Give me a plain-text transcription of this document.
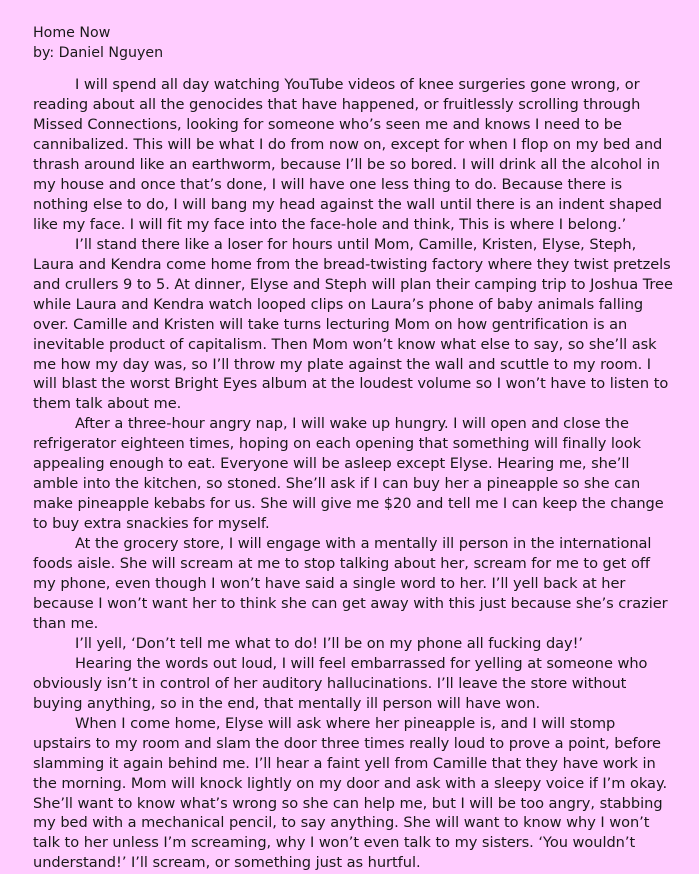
Home Now

by: Daniel Nguyen

I will spend all day watching YouTube videos of knee surgeries gone wrong, or reading about all the genocides that have happened, or fruitlessly scrolling through Missed Connections, looking for someone who’s seen me and knows I need to be cannibalized. This will be what I do from now on, except for when I flop on my bed and thrash around like an earthworm, because I’ll be so bored. I will drink all the alcohol in my house and once that’s done, I will have one less thing to do. Because there is nothing else to do, I will bang my head against the wall until there is an indent shaped like my face. I will fit my face into the face-hole and think, This is where I belong.’

I’ll stand there like a loser for hours until Mom, Camille, Kristen, Elyse, Steph, Laura and Kendra come home from the bread-twisting factory where they twist pretzels and crullers 9 to 5. At dinner, Elyse and Steph will plan their camping trip to Joshua Tree while Laura and Kendra watch looped clips on Laura’s phone of baby animals falling over. Camille and Kristen will take turns lecturing Mom on how gentrification is an inevitable product of capitalism. Then Mom won’t know what else to say, so she’ll ask me how my day was, so I’ll throw my plate against the wall and scuttle to my room. I will blast the worst Bright Eyes album at the loudest volume so I won’t have to listen to them talk about me.

After a three-hour angry nap, I will wake up hungry. I will open and close the refrigerator eighteen times, hoping on each opening that something will finally look appealing enough to eat. Everyone will be asleep except Elyse. Hearing me, she’ll amble into the kitchen, so stoned. She’ll ask if I can buy her a pineapple so she can make pineapple kebabs for us. She will give me $20 and tell me I can keep the change to buy extra snackies for myself.

At the grocery store, I will engage with a mentally ill person in the international foods aisle. She will scream at me to stop talking about her, scream for me to get off my phone, even though I won’t have said a single word to her. I’ll yell back at her because I won’t want her to think she can get away with this just because she’s crazier than me.

I’ll yell, ‘Don’t tell me what to do! I’ll be on my phone all fucking day!’

Hearing the words out loud, I will feel embarrassed for yelling at someone who obviously isn’t in control of her auditory hallucinations. I’ll leave the store without buying anything, so in the end, that mentally ill person will have won.

When I come home, Elyse will ask where her pineapple is, and I will stomp upstairs to my room and slam the door three times really loud to prove a point, before slamming it again behind me. I’ll hear a faint yell from Camille that they have work in the morning. Mom will knock lightly on my door and ask with a sleepy voice if I’m okay. She’ll want to know what’s wrong so she can help me, but I will be too angry, stabbing my bed with a mechanical pencil, to say anything. She will want to know why I won’t talk to her unless I’m screaming, why I won’t even talk to my sisters. ‘You wouldn’t understand!’ I’ll scream, or something just as hurtful.
